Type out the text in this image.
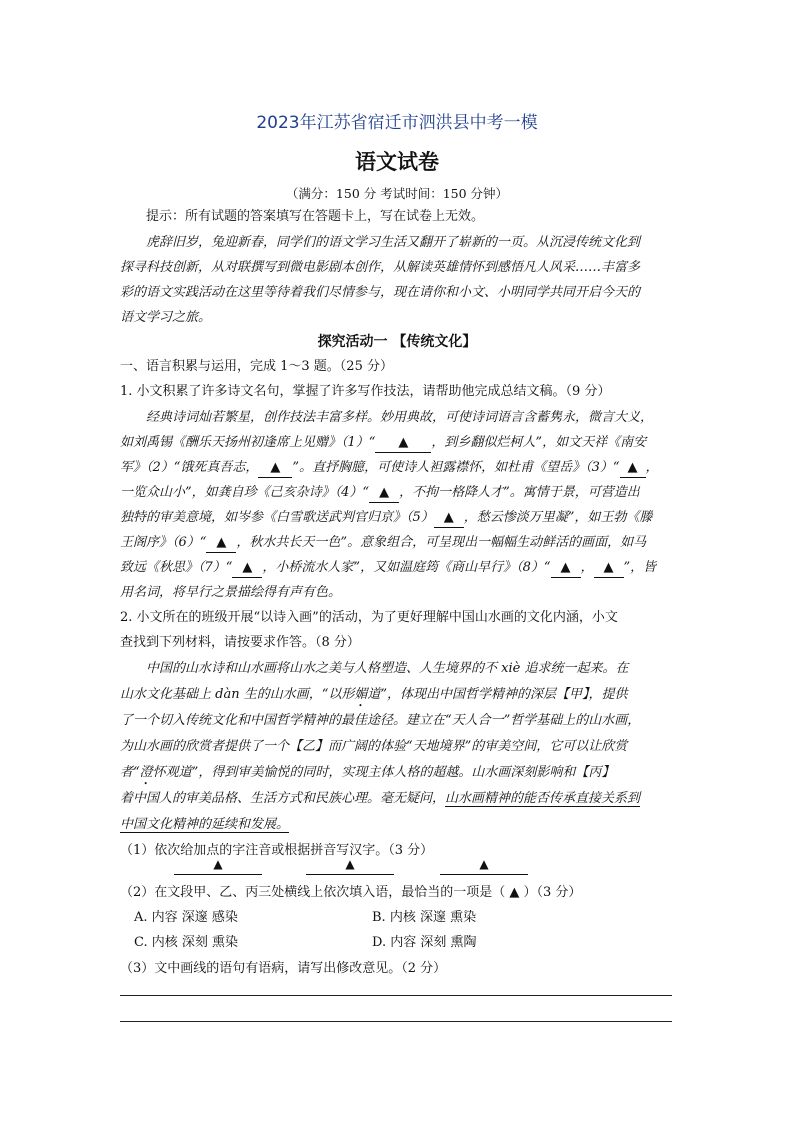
2023年江苏省宿迁市泗洪县中考一模
语文试卷
（满分：150 分 考试时间：150 分钟）
提示：所有试题的答案填写在答题卡上，写在试卷上无效。
虎辞旧岁，兔迎新春，同学们的语文学习生活又翻开了崭新的一页。从沉浸传统文化到
探寻科技创新，从对联撰写到微电影剧本创作，从解读英雄情怀到感悟凡人风采……丰富多
彩的语文实践活动在这里等待着我们尽情参与，现在请你和小文、小明同学共同开启今天的
语文学习之旅。
探究活动一 【传统文化】
一、语言积累与运用，完成 1～3 题。（25 分）
1. 小文积累了许多诗文名句，掌握了许多写作技法，请帮助他完成总结文稿。（9 分）
经典诗词灿若繁星，创作技法丰富多样。妙用典故，可使诗词语言含蓄隽永，微言大义，
如刘禹锡《酬乐天扬州初逢席上见赠》（1）“ ▲ ，到乡翻似烂柯人”，如文天祥《南安
军》（2）“饿死真吾志， ▲ ”。直抒胸臆，可使诗人袒露襟怀，如杜甫《望岳》（3）“ ▲ ，
一览众山小”，如龚自珍《己亥杂诗》（4）“ ▲ ，不拘一格降人才”。寓情于景，可营造出
独特的审美意境，如岑参《白雪歌送武判官归京》（5） ▲ ，愁云惨淡万里凝”，如王勃《滕
王阁序》（6）“ ▲ ，秋水共长天一色”。意象组合，可呈现出一幅幅生动鲜活的画面，如马
致远《秋思》（7）“ ▲ ，小桥流水人家”，又如温庭筠《商山早行》（8）“ ▲ ， ▲ ”，皆
用名词，将早行之景描绘得有声有色。
2. 小文所在的班级开展“以诗入画”的活动，为了更好理解中国山水画的文化内涵，小文
查找到下列材料，请按要求作答。（8 分）
中国的山水诗和山水画将山水之美与人格塑造、人生境界的不 xiè 追求统一起来。在
山水文化基础上 dàn 生的山水画，“以形媚道”，体现出中国哲学精神的深层【甲】，提供
了一个切入传统文化和中国哲学精神的最佳途径。建立在“天人合一”哲学基础上的山水画，
为山水画的欣赏者提供了一个【乙】而广阔的体验“天地境界”的审美空间，它可以让欣赏
者“澄怀观道”，得到审美愉悦的同时，实现主体人格的超越。山水画深刻影响和【丙】
着中国人的审美品格、生活方式和民族心理。毫无疑问，山水画精神的能否传承直接关系到
中国文化精神的延续和发展。
（1）依次给加点的字注音或根据拼音写汉字。（3 分）
▲	▲	▲
（2）在文段甲、乙、丙三处横线上依次填入语，最恰当的一项是（ ▲ ）（3 分）
A. 内容 深邃 感染	B. 内核 深邃 熏染
C. 内核 深刻 熏染	D. 内容 深刻 熏陶
（3）文中画线的语句有语病，请写出修改意见。（2 分）
